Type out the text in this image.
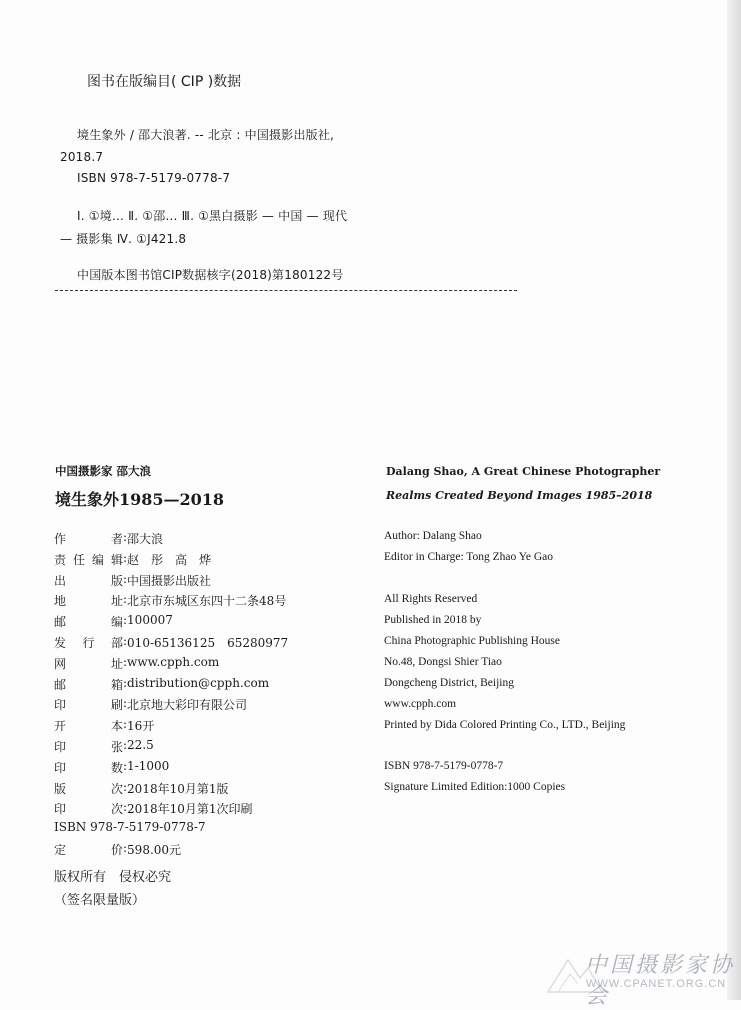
图书在版编目( CIP )数据
境生象外 / 邵大浪著. -- 北京 : 中国摄影出版社,
2018.7
ISBN 978-7-5179-0778-7
Ⅰ. ①境… Ⅱ. ①邵… Ⅲ. ①黑白摄影 — 中国 — 现代
— 摄影集 Ⅳ. ①J421.8
中国版本图书馆CIP数据核字(2018)第180122号
中国摄影家 邵大浪
境生象外1985—2018
作　　者 : 邵大浪
责任编辑 : 赵　彤　高　烨
出　　版 : 中国摄影出版社
地　　址 : 北京市东城区东四十二条48号
邮　　编 : 100007
发 行 部 : 010-65136125　65280977
网　　址 : www.cpph.com
邮　　箱 : distribution@cpph.com
印　　刷 : 北京地大彩印有限公司
开　　本 : 16开
印　　张 : 22.5
印　　数 : 1-1000
版　　次 : 2018年10月第1版
印　　次 : 2018年10月第1次印刷
ISBN 978-7-5179-0778-7
定　　价 : 598.00元
版权所有　侵权必究
（签名限量版）
Dalang Shao, A Great Chinese Photographer
Realms Created Beyond Images 1985–2018
Author: Dalang Shao
Editor in Charge: Tong Zhao Ye Gao
All Rights Reserved
Published in 2018 by
China Photographic Publishing House
No.48, Dongsi Shier Tiao
Dongcheng District, Beijing
www.cpph.com
Printed by Dida Colored Printing Co., LTD., Beijing
ISBN 978-7-5179-0778-7
Signature Limited Edition:1000 Copies
中国摄影家协会
WWW.CPANET.ORG.CN
